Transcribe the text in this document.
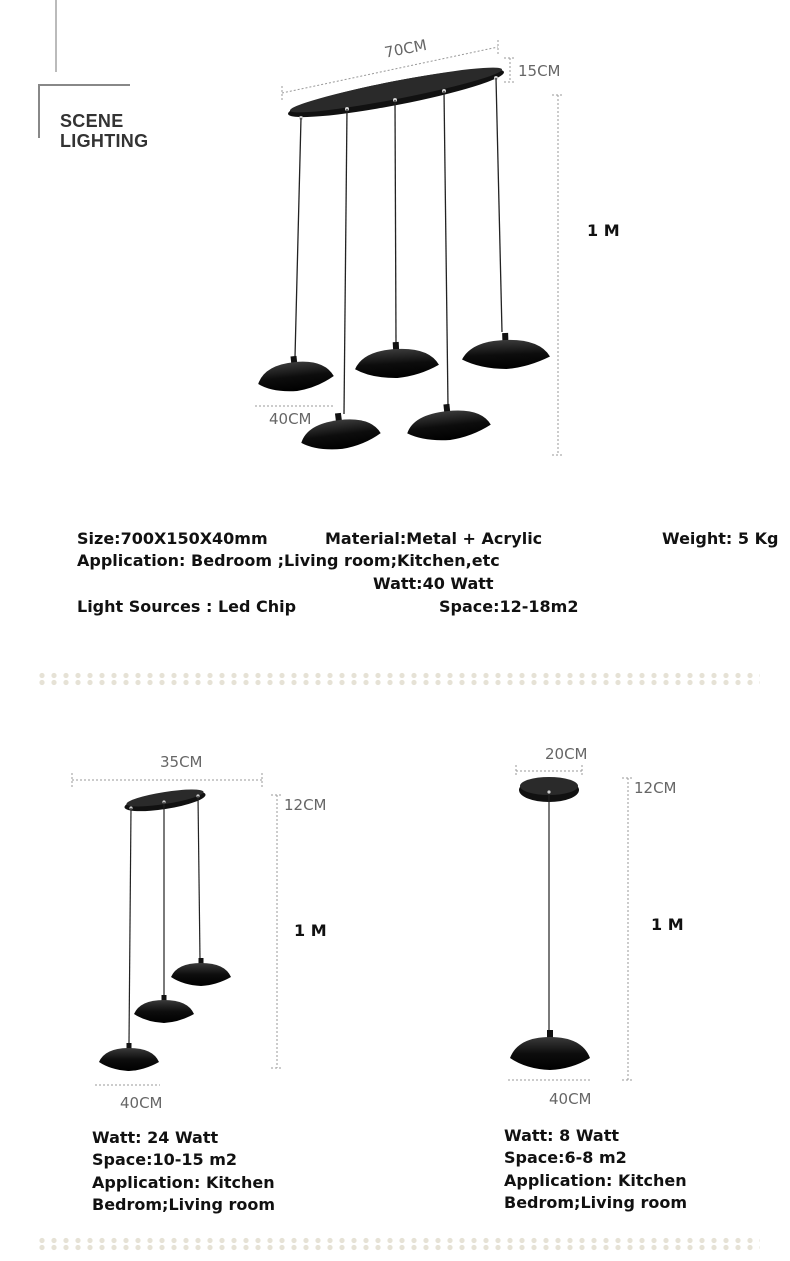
SCENE
LIGHTING
70CM
15CM
1 M
40CM
Size:700X150X40mm	Material:Metal + Acrylic	Weight: 5 Kg
Application: Bedroom ;Living room;Kitchen,etc
Watt:40 Watt
Light Sources : Led Chip	Space:12-18m2
35CM
12CM
1 M
40CM
20CM
12CM
1 M
40CM
Watt: 24 Watt
Space:10-15 m2
Application: Kitchen
Bedrom;Living room
Watt: 8 Watt
Space:6-8 m2
Application: Kitchen
Bedrom;Living room
